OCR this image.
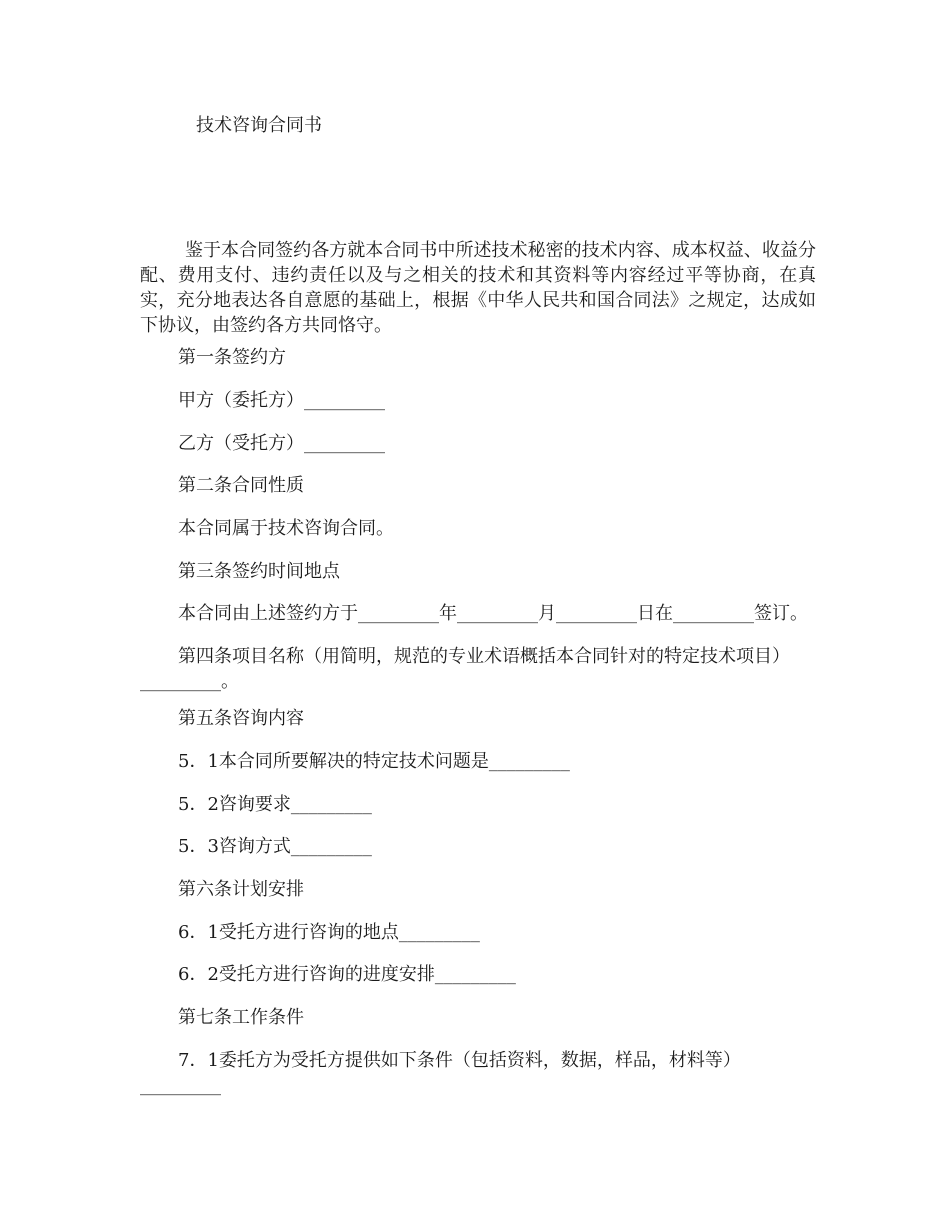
技术咨询合同书

鉴于本合同签约各方就本合同书中所述技术秘密的技术内容、成本权益、收益分配、费用支付、违约责任以及与之相关的技术和其资料等内容经过平等协商，在真实，充分地表达各自意愿的基础上，根据《中华人民共和国合同法》之规定，达成如下协议，由签约各方共同恪守。

第一条签约方

甲方（委托方）_________

乙方（受托方）_________

第二条合同性质

本合同属于技术咨询合同。

第三条签约时间地点

本合同由上述签约方于_________年_________月_________日在_________签订。

第四条项目名称（用简明，规范的专业术语概括本合同针对的特定技术项目）_________。

第五条咨询内容

5．1本合同所要解决的特定技术问题是_________

5．2咨询要求_________

5．3咨询方式_________

第六条计划安排

6．1受托方进行咨询的地点_________

6．2受托方进行咨询的进度安排_________

第七条工作条件

7．1委托方为受托方提供如下条件（包括资料，数据，样品，材料等）_________
